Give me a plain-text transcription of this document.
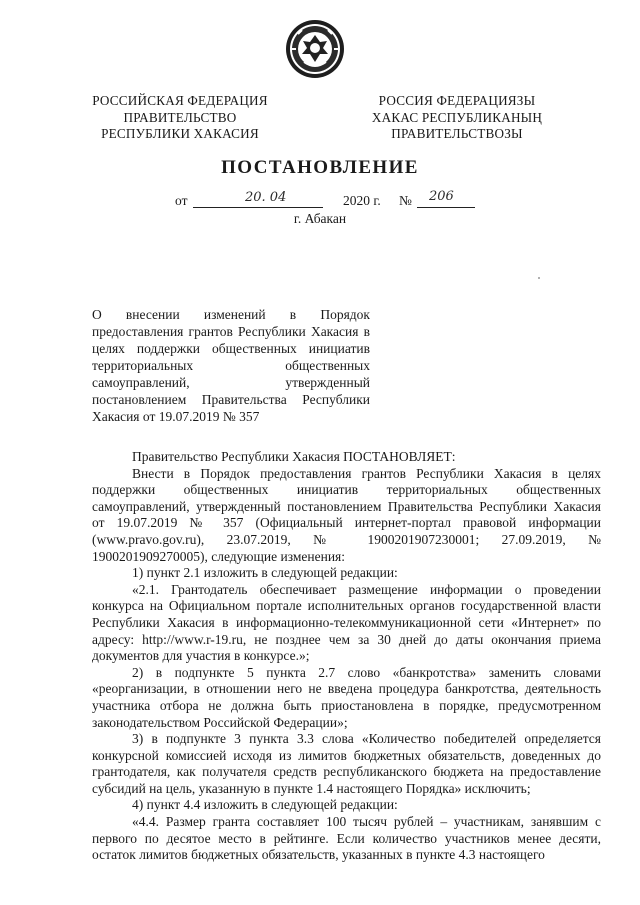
РОССИЙСКАЯ ФЕДЕРАЦИЯ
ПРАВИТЕЛЬСТВО
РЕСПУБЛИКИ ХАКАСИЯ
РОССИЯ ФЕДЕРАЦИЯЗЫ
ХАКАС РЕСПУБЛИКАНЫҢ
ПРАВИТЕЛЬСТВОЗЫ
ПОСТАНОВЛЕНИЕ
от	20. 04	2020 г. № 206
г. Абакан

О внесении изменений в Порядок предоставления грантов Республики Хакасия в целях поддержки общественных инициатив территориальных общественных самоуправлений, утвержденный постановлением Правительства Республики Хакасия от 19.07.2019 № 357

Правительство Республики Хакасия ПОСТАНОВЛЯЕТ:

Внести в Порядок предоставления грантов Республики Хакасия в целях поддержки общественных инициатив территориальных общественных самоуправлений, утвержденный постановлением Правительства Республики Хакасия от 19.07.2019 № 357 (Официальный интернет-портал правовой информации (www.pravo.gov.ru), 23.07.2019, № 1900201907230001; 27.09.2019, № 1900201909270005), следующие изменения:

1) пункт 2.1 изложить в следующей редакции:

«2.1. Грантодатель обеспечивает размещение информации о проведении конкурса на Официальном портале исполнительных органов государственной власти Республики Хакасия в информационно-телекоммуникационной сети «Интернет» по адресу: http://www.r-19.ru, не позднее чем за 30 дней до даты окончания приема документов для участия в конкурсе.»;

2) в подпункте 5 пункта 2.7 слово «банкротства» заменить словами «реорганизации, в отношении него не введена процедура банкротства, деятельность участника отбора не должна быть приостановлена в порядке, предусмотренном законодательством Российской Федерации»;

3) в подпункте 3 пункта 3.3 слова «Количество победителей определяется конкурсной комиссией исходя из лимитов бюджетных обязательств, доведенных до грантодателя, как получателя средств республиканского бюджета на предоставление субсидий на цель, указанную в пункте 1.4 настоящего Порядка» исключить;

4) пункт 4.4 изложить в следующей редакции:

«4.4. Размер гранта составляет 100 тысяч рублей – участникам, занявшим с первого по десятое место в рейтинге. Если количество участников менее десяти, остаток лимитов бюджетных обязательств, указанных в пункте 4.3 настоящего
